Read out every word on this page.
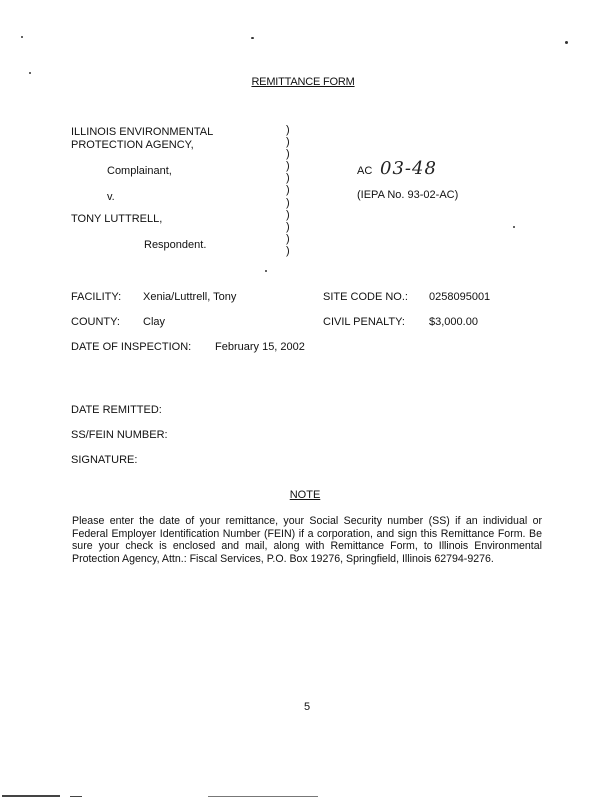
REMITTANCE FORM
ILLINOIS ENVIRONMENTAL
PROTECTION AGENCY,
Complainant,
v.
TONY LUTTRELL,
Respondent.
)
)
)
)
)
)
)
)
)
)
)
AC 03-48
(IEPA No. 93-02-AC)
FACILITY: Xenia/Luttrell, Tony	SITE CODE NO.: 0258095001
COUNTY: Clay	CIVIL PENALTY: $3,000.00
DATE OF INSPECTION: February 15, 2002
DATE REMITTED:
SS/FEIN NUMBER:
SIGNATURE:
NOTE
Please enter the date of your remittance, your Social Security number (SS) if an individual or Federal Employer Identification Number (FEIN) if a corporation, and sign this Remittance Form. Be sure your check is enclosed and mail, along with Remittance Form, to Illinois Environmental Protection Agency, Attn.: Fiscal Services, P.O. Box 19276, Springfield, Illinois 62794-9276.
5
